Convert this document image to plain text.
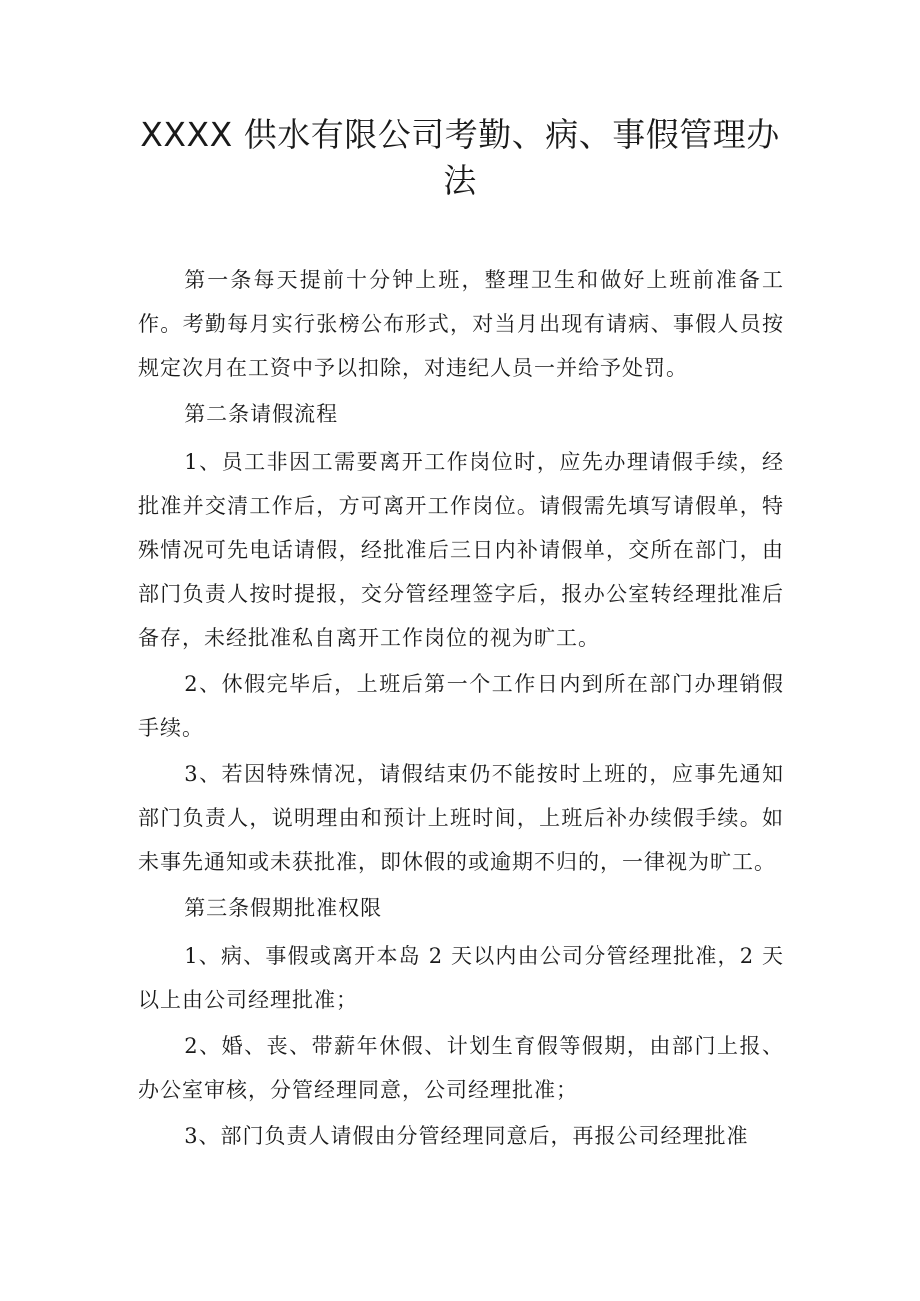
XXXX 供水有限公司考勤、病、事假管理办
法

第一条每天提前十分钟上班，整理卫生和做好上班前准备工作。考勤每月实行张榜公布形式，对当月出现有请病、事假人员按规定次月在工资中予以扣除，对违纪人员一并给予处罚。

第二条请假流程

1、员工非因工需要离开工作岗位时，应先办理请假手续，经批准并交清工作后，方可离开工作岗位。请假需先填写请假单，特殊情况可先电话请假，经批准后三日内补请假单，交所在部门，由部门负责人按时提报，交分管经理签字后，报办公室转经理批准后备存，未经批准私自离开工作岗位的视为旷工。

2、休假完毕后，上班后第一个工作日内到所在部门办理销假手续。

3、若因特殊情况，请假结束仍不能按时上班的，应事先通知部门负责人，说明理由和预计上班时间，上班后补办续假手续。如未事先通知或未获批准，即休假的或逾期不归的，一律视为旷工。

第三条假期批准权限

1、病、事假或离开本岛 2 天以内由公司分管经理批准，2 天以上由公司经理批准；

2、婚、丧、带薪年休假、计划生育假等假期，由部门上报、办公室审核，分管经理同意，公司经理批准；

3、部门负责人请假由分管经理同意后，再报公司经理批准
